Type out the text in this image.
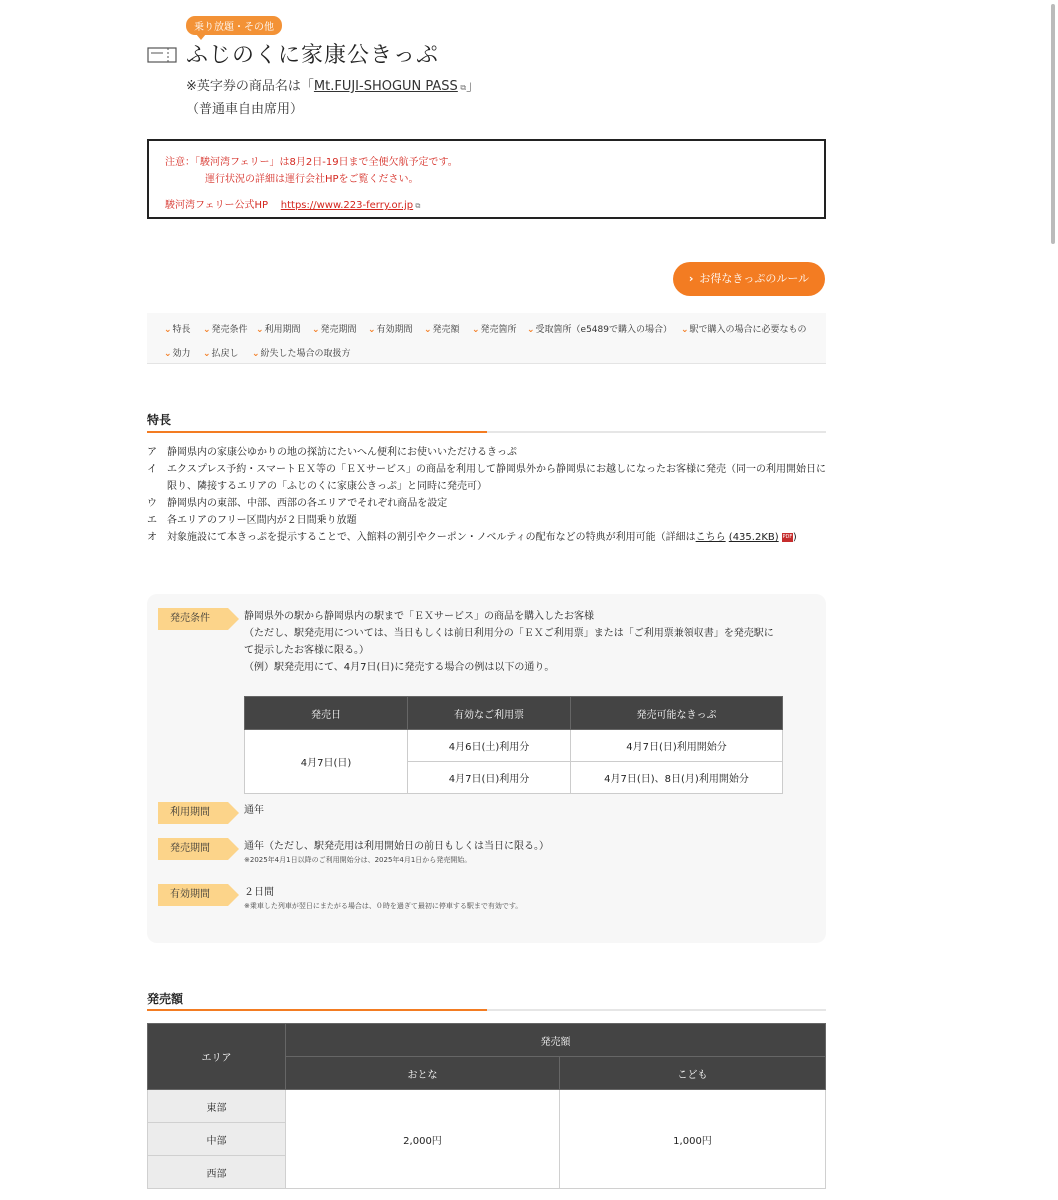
乗り放題・その他
ふじのくに家康公きっぷ
※英字券の商品名は「Mt.FUJI-SHOGUN PASS ⧉」
（普通車自由席用）

注意：「駿河湾フェリー」は8月2日-19日まで全便欠航予定です。

運行状況の詳細は運行会社HPをご覧ください。

駿河湾フェリー公式HP https://www.223-ferry.or.jp ⧉

› お得なきっぷのルール
⌄特長 ⌄発売条件 ⌄利用期間 ⌄発売期間 ⌄有効期間 ⌄発売額 ⌄発売箇所 ⌄受取箇所（e5489で購入の場合） ⌄駅で購入の場合に必要なもの
⌄効力 ⌄払戻し ⌄紛失した場合の取扱方
特長
ア 静岡県内の家康公ゆかりの地の探訪にたいへん便利にお使いいただけるきっぷ
イ エクスプレス予約・スマートＥＸ等の「ＥＸサービス」の商品を利用して静岡県外から静岡県にお越しになったお客様に発売（同一の利用開始日に限り、隣接するエリアの「ふじのくに家康公きっぷ」と同時に発売可）
ウ 静岡県内の東部、中部、西部の各エリアでそれぞれ商品を設定
エ 各エリアのフリー区間内が２日間乗り放題
オ 対象施設にて本きっぷを提示することで、入館料の割引やクーポン・ノベルティの配布などの特典が利用可能（詳細はこちら (435.2KB) PDF)
発売条件	静岡県外の駅から静岡県内の駅まで「ＥＸサービス」の商品を購入したお客様
（ただし、駅発売用については、当日もしくは前日利用分の「ＥＸご利用票」または「ご利用票兼領収書」を発売駅に
て提示したお客様に限る。）
（例）駅発売用にて、4月7日(日)に発売する場合の例は以下の通り。
発売日	有効なご利用票	発売可能なきっぷ
4月7日(日)	4月6日(土)利用分	4月7日(日)利用開始分
	4月7日(日)利用分	4月7日(日)、8日(月)利用開始分
利用期間	通年
発売期間	通年（ただし、駅発売用は利用開始日の前日もしくは当日に限る。）
※2025年4月1日以降のご利用開始分は、2025年4月1日から発売開始。
有効期間	２日間
※乗車した列車が翌日にまたがる場合は、０時を過ぎて最初に停車する駅まで有効です。
発売額
エリア	発売額	
	おとな	こども
東部	2,000円	1,000円
中部		
西部		
